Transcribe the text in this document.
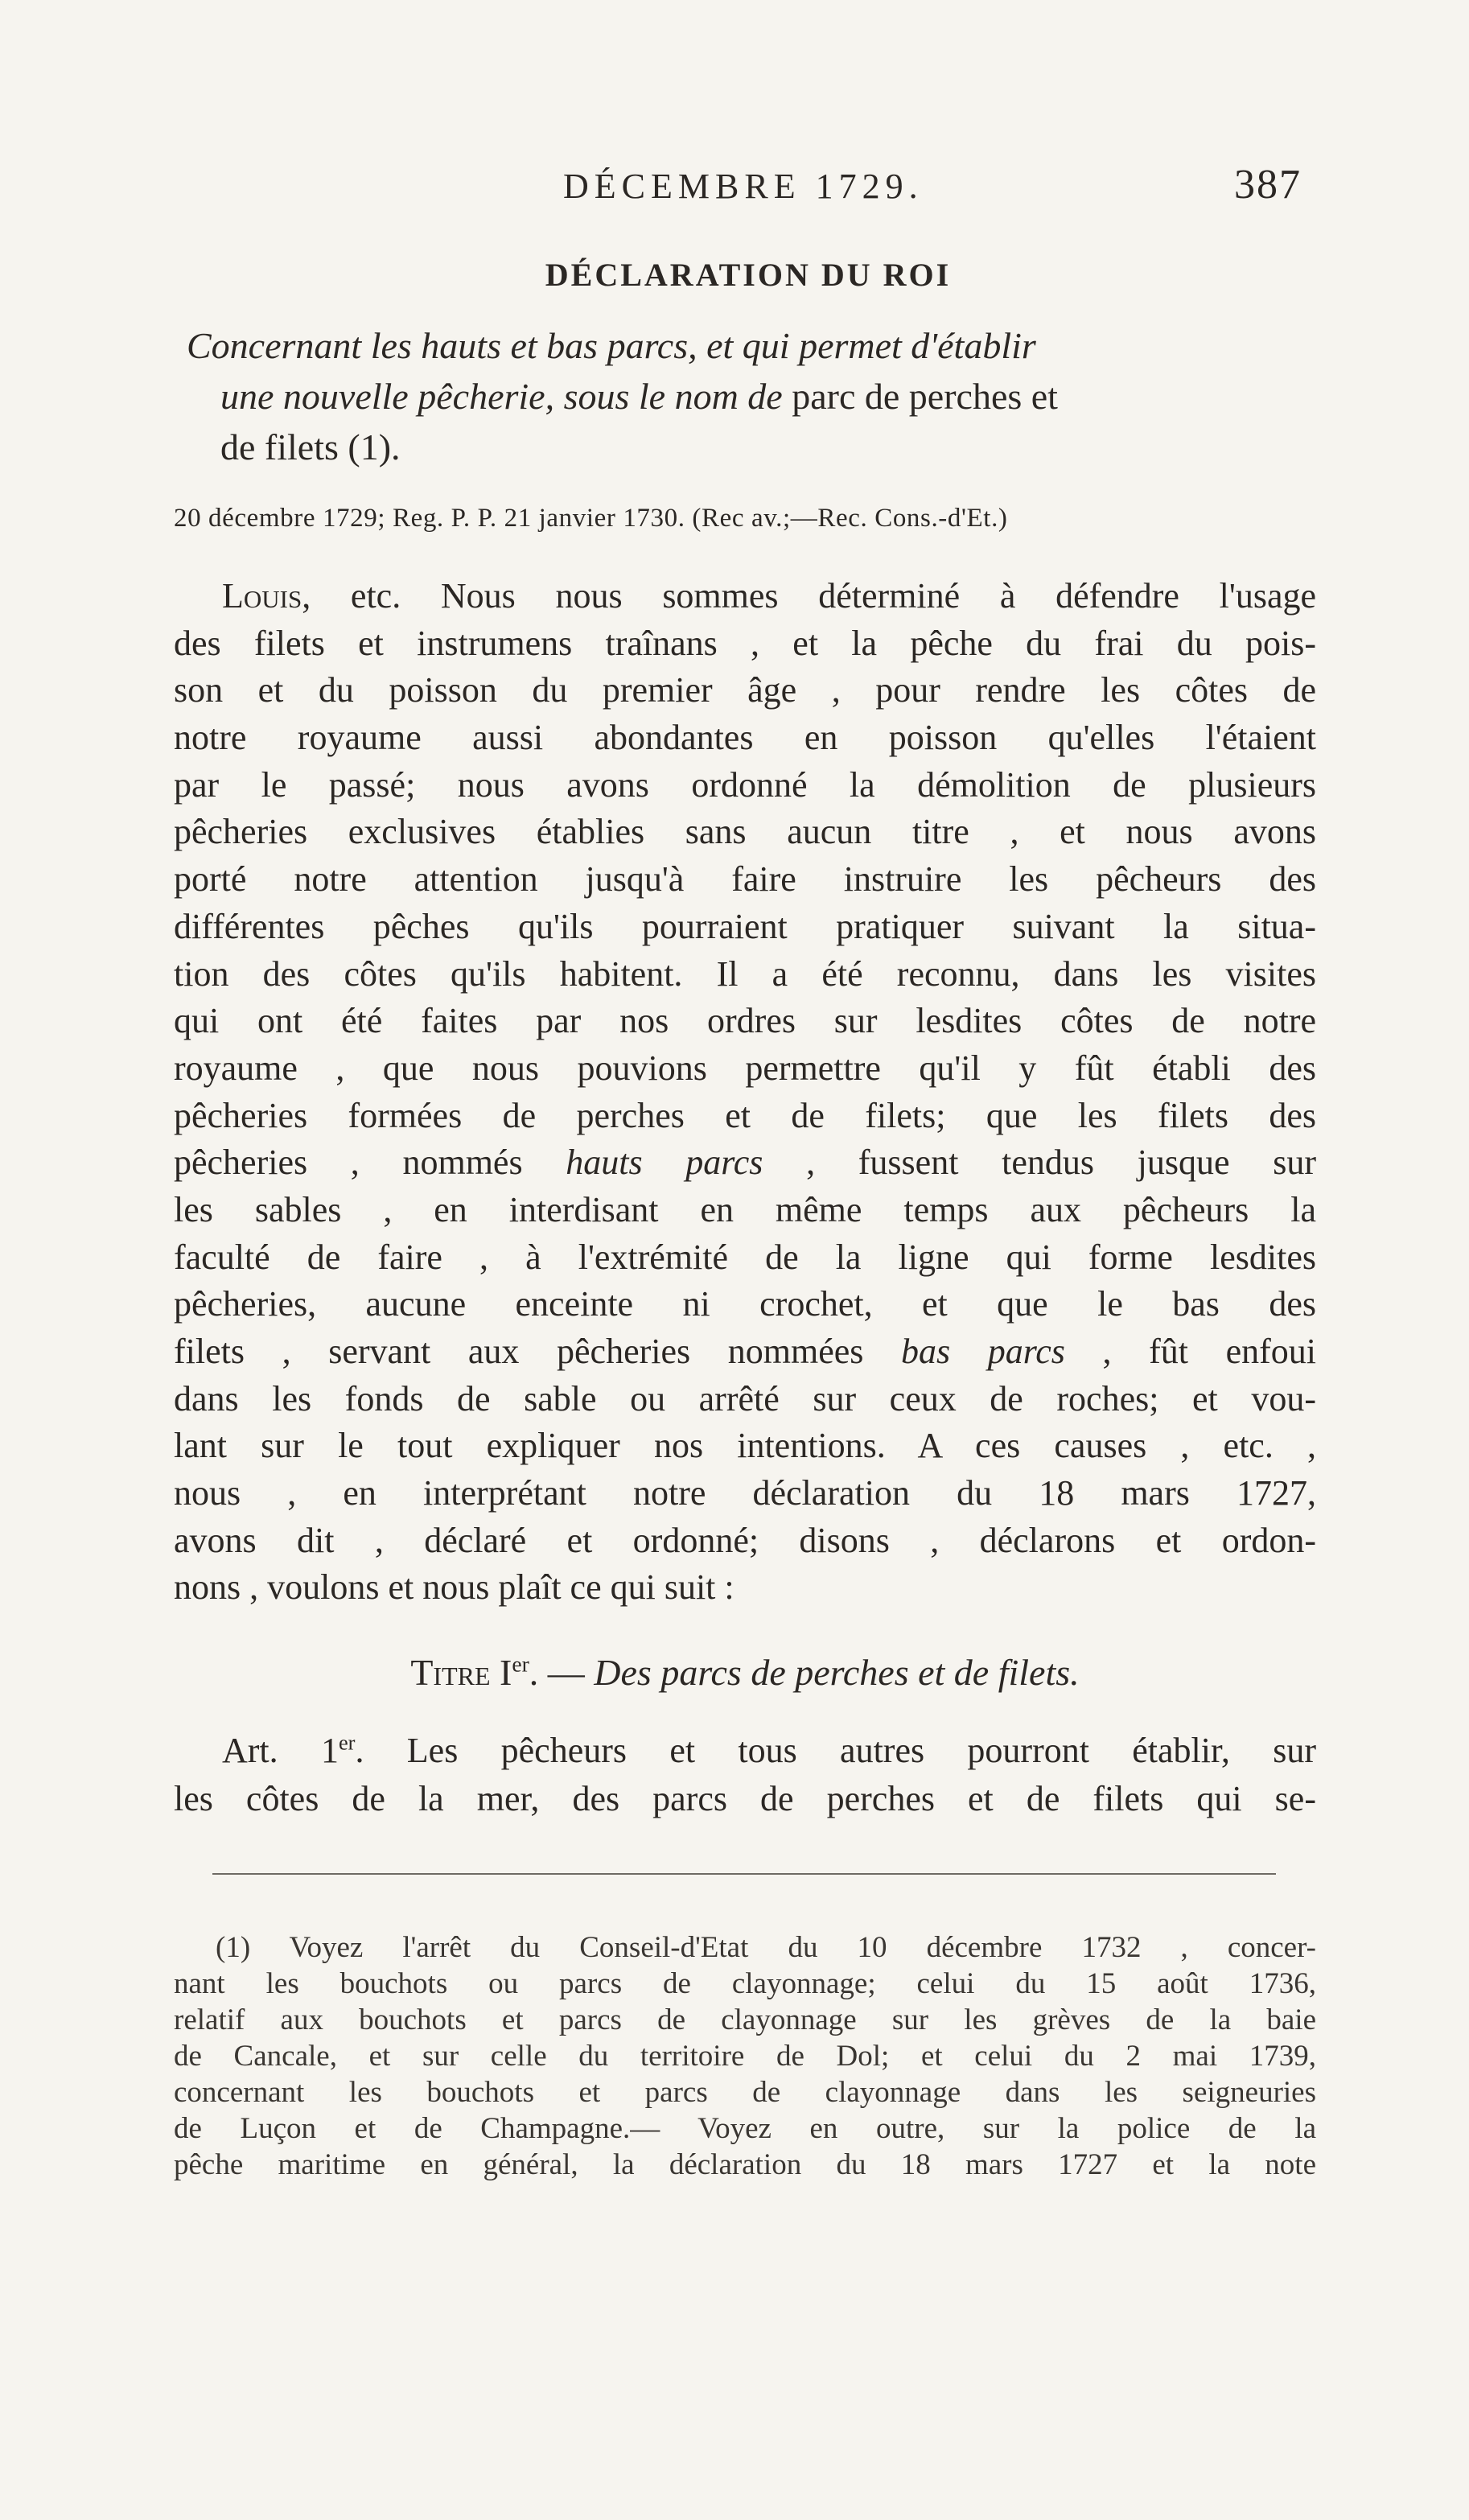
DÉCEMBRE 1729.	387
DÉCLARATION DU ROI
Concernant les hauts et bas parcs, et qui permet d'établir
une nouvelle pêcherie, sous le nom de parc de perches et
de filets (1).
20 décembre 1729; Reg. P. P. 21 janvier 1730. (Rec av.;—Rec. Cons.-d'Et.)
Louis, etc. Nous nous sommes déterminé à défendre l'usage
des filets et instrumens traînans , et la pêche du frai du pois-
son et du poisson du premier âge , pour rendre les côtes de
notre royaume aussi abondantes en poisson qu'elles l'étaient
par le passé; nous avons ordonné la démolition de plusieurs
pêcheries exclusives établies sans aucun titre , et nous avons
porté notre attention jusqu'à faire instruire les pêcheurs des
différentes pêches qu'ils pourraient pratiquer suivant la situa-
tion des côtes qu'ils habitent. Il a été reconnu, dans les visites
qui ont été faites par nos ordres sur lesdites côtes de notre
royaume , que nous pouvions permettre qu'il y fût établi des
pêcheries formées de perches et de filets; que les filets des
pêcheries , nommés hauts parcs , fussent tendus jusque sur
les sables , en interdisant en même temps aux pêcheurs la
faculté de faire , à l'extrémité de la ligne qui forme lesdites
pêcheries, aucune enceinte ni crochet, et que le bas des
filets , servant aux pêcheries nommées bas parcs , fût enfoui
dans les fonds de sable ou arrêté sur ceux de roches; et vou-
lant sur le tout expliquer nos intentions. A ces causes , etc. ,
nous , en interprétant notre déclaration du 18 mars 1727,
avons dit , déclaré et ordonné; disons , déclarons et ordon-
nons , voulons et nous plaît ce qui suit :
Titre Ier. — Des parcs de perches et de filets.
Art. 1er. Les pêcheurs et tous autres pourront établir, sur
les côtes de la mer, des parcs de perches et de filets qui se-
(1) Voyez l'arrêt du Conseil-d'Etat du 10 décembre 1732 , concer-
nant les bouchots ou parcs de clayonnage; celui du 15 août 1736,
relatif aux bouchots et parcs de clayonnage sur les grèves de la baie
de Cancale, et sur celle du territoire de Dol; et celui du 2 mai 1739,
concernant les bouchots et parcs de clayonnage dans les seigneuries
de Luçon et de Champagne.— Voyez en outre, sur la police de la
pêche maritime en général, la déclaration du 18 mars 1727 et la note
